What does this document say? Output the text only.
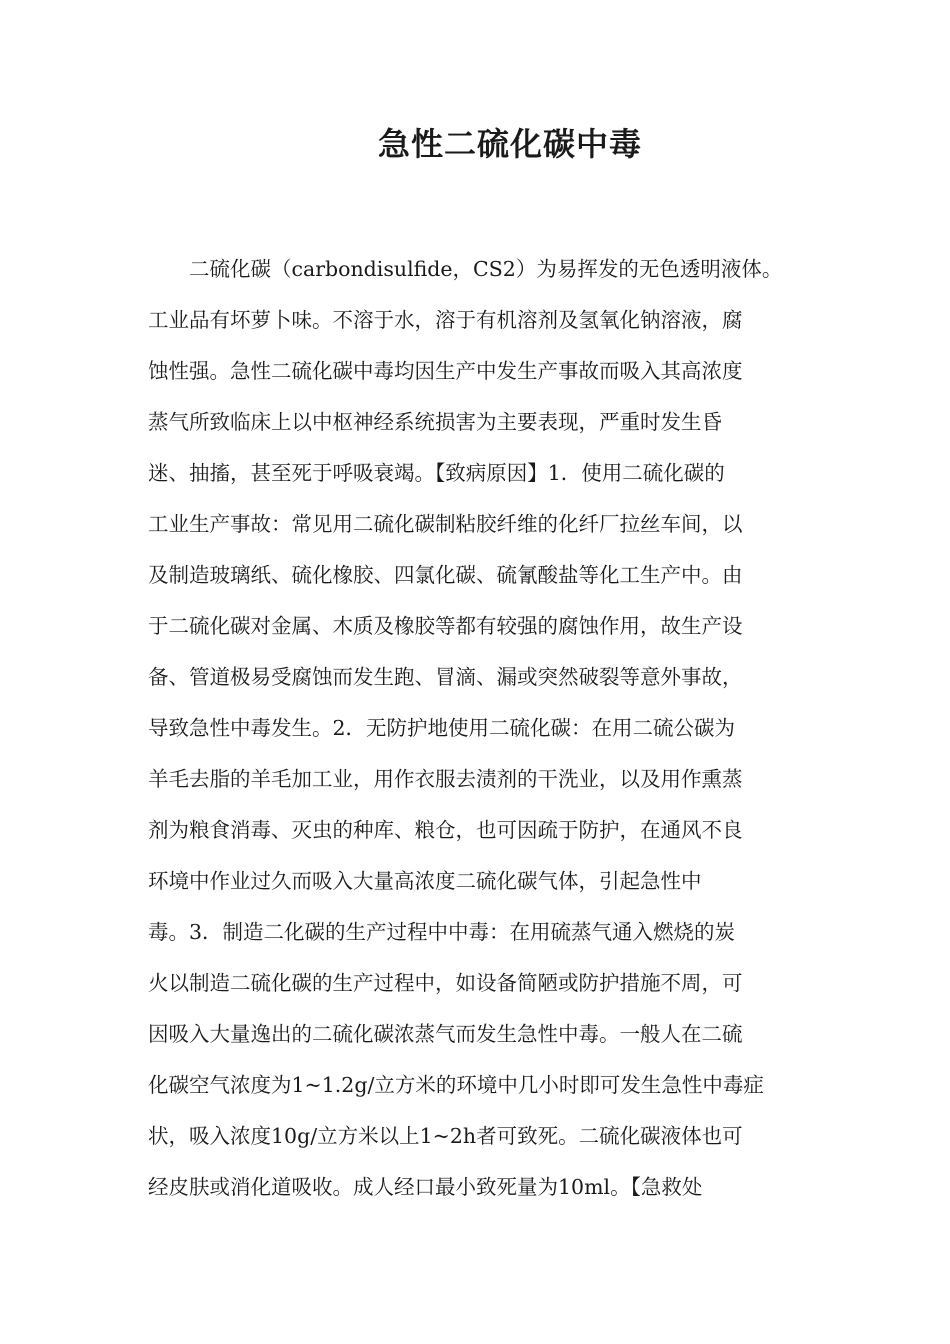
急性二硫化碳中毒
　　二硫化碳（carbondisulfide，CS2）为易挥发的无色透明液体。
工业品有坏萝卜味。不溶于水，溶于有机溶剂及氢氧化钠溶液，腐
蚀性强。急性二硫化碳中毒均因生产中发生产事故而吸入其高浓度
蒸气所致临床上以中枢神经系统损害为主要表现，严重时发生昏
迷、抽搐，甚至死于呼吸衰竭。【致病原因】1．使用二硫化碳的
工业生产事故：常见用二硫化碳制粘胶纤维的化纤厂拉丝车间，以
及制造玻璃纸、硫化橡胶、四氯化碳、硫氰酸盐等化工生产中。由
于二硫化碳对金属、木质及橡胶等都有较强的腐蚀作用，故生产设
备、管道极易受腐蚀而发生跑、冒滴、漏或突然破裂等意外事故，
导致急性中毒发生。2．无防护地使用二硫化碳：在用二硫公碳为
羊毛去脂的羊毛加工业，用作衣服去渍剂的干洗业，以及用作熏蒸
剂为粮食消毒、灭虫的种库、粮仓，也可因疏于防护，在通风不良
环境中作业过久而吸入大量高浓度二硫化碳气体，引起急性中
毒。3．制造二化碳的生产过程中中毒：在用硫蒸气通入燃烧的炭
火以制造二硫化碳的生产过程中，如设备简陋或防护措施不周，可
因吸入大量逸出的二硫化碳浓蒸气而发生急性中毒。一般人在二硫
化碳空气浓度为1~1.2g/立方米的环境中几小时即可发生急性中毒症
状，吸入浓度10g/立方米以上1~2h者可致死。二硫化碳液体也可
经皮肤或消化道吸收。成人经口最小致死量为10ml。【急救处
